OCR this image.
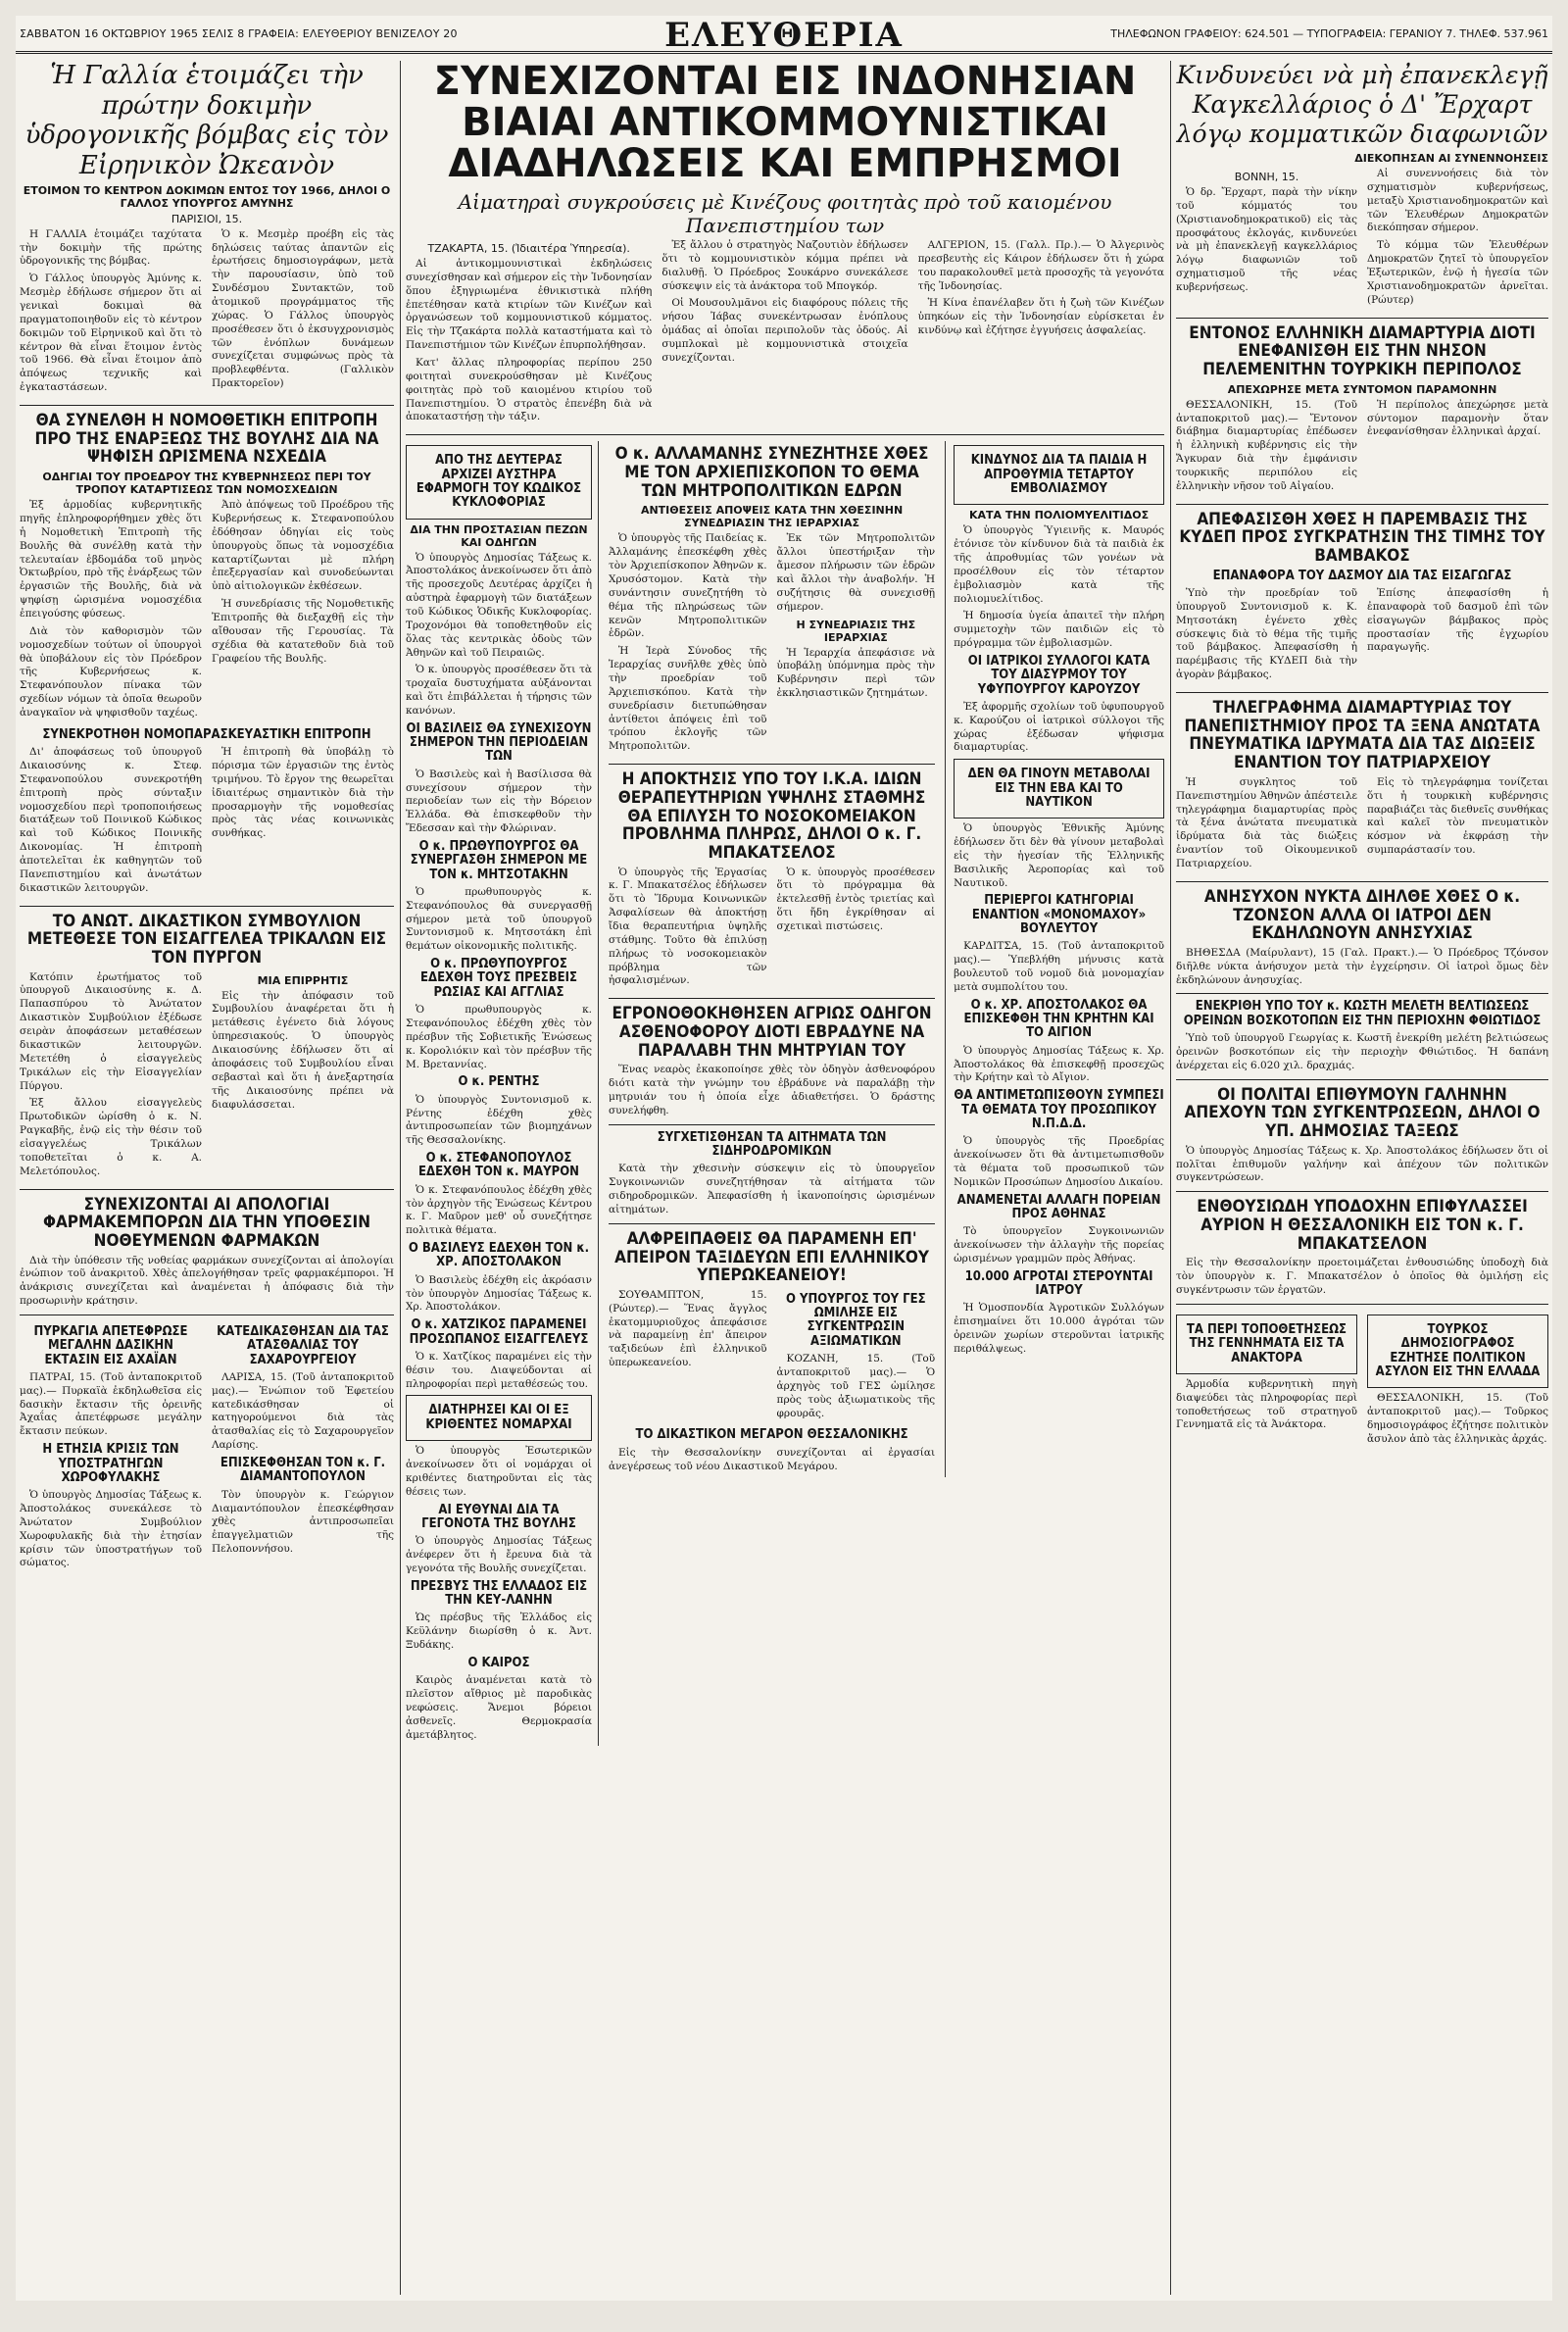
ΣΑΒΒΑΤΟΝ 16 ΟΚΤΩΒΡΙΟΥ 1965 ΣΕΛΙΣ 8 ΓΡΑΦΕΙΑ: ΕΛΕΥΘΕΡΙΟΥ ΒΕΝΙΖΕΛΟΥ 20	ΕΛΕΥΘΕΡΙΑ	ΤΗΛΕΦΩΝΟΝ ΓΡΑΦΕΙΟΥ: 624.501 — ΤΥΠΟΓΡΑΦΕΙΑ: ΓΕΡΑΝΙΟΥ 7. ΤΗΛΕΦ. 537.961
Ἡ Γαλλία ἑτοιμάζει τὴν πρώτην δοκιμὴν ὑδρογονικῆς βόμβας εἰς τὸν Εἰρηνικὸν Ὠκεανὸν
ΕΤΟΙΜΟΝ ΤΟ ΚΕΝΤΡΟΝ ΔΟΚΙΜΩΝ ΕΝΤΟΣ ΤΟΥ 1966, ΔΗΛΟΙ Ο ΓΑΛΛΟΣ ΥΠΟΥΡΓΟΣ ΑΜΥΝΗΣ
ΠΑΡΙΣΙΟΙ, 15.

Η ΓΑΛΛΙΑ ἑτοιμάζει ταχύτατα τὴν δοκιμὴν τῆς πρώτης ὑδρογονικῆς της βόμβας.

Ὁ Γάλλος ὑπουργὸς Ἀμύνης κ. Μεσμὲρ ἐδήλωσε σήμερον ὅτι αἱ γενικαὶ δοκιμαὶ θὰ πραγματοποιηθοῦν εἰς τὸ κέντρον δοκιμῶν τοῦ Εἰρηνικοῦ καὶ ὅτι τὸ κέντρον θὰ εἶναι ἕτοιμον ἐντὸς τοῦ 1966. Θὰ εἶναι ἕτοιμον ἀπὸ ἀπόψεως τεχνικῆς καὶ ἐγκαταστάσεων.

Ὁ κ. Μεσμὲρ προέβη εἰς τὰς δηλώσεις ταύτας ἀπαντῶν εἰς ἐρωτήσεις δημοσιογράφων, μετὰ τὴν παρουσίασιν, ὑπὸ τοῦ Συνδέσμου Συντακτῶν, τοῦ ἀτομικοῦ προγράμματος τῆς χώρας. Ὁ Γάλλος ὑπουργὸς προσέθεσεν ὅτι ὁ ἐκσυγχρονισμὸς τῶν ἐνόπλων δυνάμεων συνεχίζεται συμφώνως πρὸς τὰ προβλεφθέντα. (Γαλλικὸν Πρακτορεῖον)

ΘΑ ΣΥΝΕΛΘΗ Η ΝΟΜΟΘΕΤΙΚΗ ΕΠΙΤΡΟΠΗ ΠΡΟ ΤΗΣ ΕΝΑΡΞΕΩΣ ΤΗΣ ΒΟΥΛΗΣ ΔΙΑ ΝΑ ΨΗΦΙΣΗ ΩΡΙΣΜΕΝΑ ΝΣΧΕΔΙΑ
ΟΔΗΓΙΑΙ ΤΟΥ ΠΡΟΕΔΡΟΥ ΤΗΣ ΚΥΒΕΡΝΗΣΕΩΣ ΠΕΡΙ ΤΟΥ ΤΡΟΠΟΥ ΚΑΤΑΡΤΙΣΕΩΣ ΤΩΝ ΝΟΜΟΣΧΕΔΙΩΝ

Ἐξ ἁρμοδίας κυβερνητικῆς πηγῆς ἐπληροφορήθημεν χθὲς ὅτι ἡ Νομοθετικὴ Ἐπιτροπὴ τῆς Βουλῆς θὰ συνέλθῃ κατὰ τὴν τελευταίαν ἑβδομάδα τοῦ μηνὸς Ὀκτωβρίου, πρὸ τῆς ἐνάρξεως τῶν ἐργασιῶν τῆς Βουλῆς, διὰ νὰ ψηφίσῃ ὡρισμένα νομοσχέδια ἐπειγούσης φύσεως.

Διὰ τὸν καθορισμὸν τῶν νομοσχεδίων τούτων οἱ ὑπουργοὶ θὰ ὑποβάλουν εἰς τὸν Πρόεδρον τῆς Κυβερνήσεως κ. Στεφανόπουλον πίνακα τῶν σχεδίων νόμων τὰ ὁποῖα θεωροῦν ἀναγκαῖον νὰ ψηφισθοῦν ταχέως.

Ἀπὸ ἀπόψεως τοῦ Προέδρου τῆς Κυβερνήσεως κ. Στεφανοπούλου ἐδόθησαν ὁδηγίαι εἰς τοὺς ὑπουργοὺς ὅπως τὰ νομοσχέδια καταρτίζωνται μὲ πλήρη ἐπεξεργασίαν καὶ συνοδεύωνται ὑπὸ αἰτιολογικῶν ἐκθέσεων.

Ἡ συνεδρίασις τῆς Νομοθετικῆς Ἐπιτροπῆς θὰ διεξαχθῇ εἰς τὴν αἴθουσαν τῆς Γερουσίας. Τὰ σχέδια θὰ κατατεθοῦν διὰ τοῦ Γραφείου τῆς Βουλῆς.

ΣΥΝΕΚΡΟΤΗΘΗ ΝΟΜΟΠΑΡΑΣΚΕΥΑΣΤΙΚΗ ΕΠΙΤΡΟΠΗ

Δι' ἀποφάσεως τοῦ ὑπουργοῦ Δικαιοσύνης κ. Στεφ. Στεφανοπούλου συνεκροτήθη ἐπιτροπὴ πρὸς σύνταξιν νομοσχεδίου περὶ τροποποιήσεως διατάξεων τοῦ Ποινικοῦ Κώδικος καὶ τοῦ Κώδικος Ποινικῆς Δικονομίας. Ἡ ἐπιτροπὴ ἀποτελεῖται ἐκ καθηγητῶν τοῦ Πανεπιστημίου καὶ ἀνωτάτων δικαστικῶν λειτουργῶν.

Ἡ ἐπιτροπὴ θὰ ὑποβάλῃ τὸ πόρισμα τῶν ἐργασιῶν της ἐντὸς τριμήνου. Τὸ ἔργον της θεωρεῖται ἰδιαιτέρως σημαντικὸν διὰ τὴν προσαρμογὴν τῆς νομοθεσίας πρὸς τὰς νέας κοινωνικὰς συνθήκας.

ΤΟ ΑΝΩΤ. ΔΙΚΑΣΤΙΚΟΝ ΣΥΜΒΟΥΛΙΟΝ ΜΕΤΕΘΕΣΕ ΤΟΝ ΕΙΣΑΓΓΕΛΕΑ ΤΡΙΚΑΛΩΝ ΕΙΣ ΤΟΝ ΠΥΡΓΟΝ

Κατόπιν ἐρωτήματος τοῦ ὑπουργοῦ Δικαιοσύνης κ. Δ. Παπασπύρου τὸ Ἀνώτατον Δικαστικὸν Συμβούλιον ἐξέδωσε σειρὰν ἀποφάσεων μεταθέσεων δικαστικῶν λειτουργῶν. Μετετέθη ὁ εἰσαγγελεὺς Τρικάλων εἰς τὴν Εἰσαγγελίαν Πύργου.

Ἐξ ἄλλου εἰσαγγελεὺς Πρωτοδικῶν ὡρίσθη ὁ κ. Ν. Ραγκαβῆς, ἐνῷ εἰς τὴν θέσιν τοῦ εἰσαγγελέως Τρικάλων τοποθετεῖται ὁ κ. Α. Μελετόπουλος.

ΜΙΑ ΕΠΙΡΡΗΤΙΣ

Εἰς τὴν ἀπόφασιν τοῦ Συμβουλίου ἀναφέρεται ὅτι ἡ μετάθεσις ἐγένετο διὰ λόγους ὑπηρεσιακούς. Ὁ ὑπουργὸς Δικαιοσύνης ἐδήλωσεν ὅτι αἱ ἀποφάσεις τοῦ Συμβουλίου εἶναι σεβασταὶ καὶ ὅτι ἡ ἀνεξαρτησία τῆς Δικαιοσύνης πρέπει νὰ διαφυλάσσεται.

ΣΥΝΕΧΙΖΟΝΤΑΙ ΑΙ ΑΠΟΛΟΓΙΑΙ ΦΑΡΜΑΚΕΜΠΟΡΩΝ ΔΙΑ ΤΗΝ ΥΠΟΘΕΣΙΝ ΝΟΘΕΥΜΕΝΩΝ ΦΑΡΜΑΚΩΝ

Διὰ τὴν ὑπόθεσιν τῆς νοθείας φαρμάκων συνεχίζονται αἱ ἀπολογίαι ἐνώπιον τοῦ ἀνακριτοῦ. Χθὲς ἀπελογήθησαν τρεῖς φαρμακέμποροι. Ἡ ἀνάκρισις συνεχίζεται καὶ ἀναμένεται ἡ ἀπόφασις διὰ τὴν προσωρινὴν κράτησιν.

ΠΥΡΚΑΓΙΑ ΑΠΕΤΕΦΡΩΣΕ ΜΕΓΑΛΗΝ ΔΑΣΙΚΗΝ ΕΚΤΑΣΙΝ ΕΙΣ ΑΧΑΪΑΝ

ΠΑΤΡΑΙ, 15. (Τοῦ ἀνταποκριτοῦ μας).— Πυρκαϊὰ ἐκδηλωθεῖσα εἰς δασικὴν ἔκτασιν τῆς ὀρεινῆς Ἀχαΐας ἀπετέφρωσε μεγάλην ἔκτασιν πεύκων.

Η ΕΤΗΣΙΑ ΚΡΙΣΙΣ ΤΩΝ ΥΠΟΣΤΡΑΤΗΓΩΝ ΧΩΡΟΦΥΛΑΚΗΣ

Ὁ ὑπουργὸς Δημοσίας Τάξεως κ. Ἀποστολάκος συνεκάλεσε τὸ Ἀνώτατον Συμβούλιον Χωροφυλακῆς διὰ τὴν ἐτησίαν κρίσιν τῶν ὑποστρατήγων τοῦ σώματος.

ΚΑΤΕΔΙΚΑΣΘΗΣΑΝ ΔΙΑ ΤΑΣ ΑΤΑΣΘΑΛΙΑΣ ΤΟΥ ΣΑΧΑΡΟΥΡΓΕΙΟΥ

ΛΑΡΙΣΑ, 15. (Τοῦ ἀνταποκριτοῦ μας).— Ἐνώπιον τοῦ Ἐφετείου κατεδικάσθησαν οἱ κατηγορούμενοι διὰ τὰς ἀτασθαλίας εἰς τὸ Σαχαρουργεῖον Λαρίσης.

ΕΠΙΣΚΕΦΘΗΣΑΝ ΤΟΝ κ. Γ. ΔΙΑΜΑΝΤΟΠΟΥΛΟΝ

Τὸν ὑπουργὸν κ. Γεώργιον Διαμαντόπουλον ἐπεσκέφθησαν χθὲς ἀντιπροσωπεῖαι ἐπαγγελματιῶν τῆς Πελοποννήσου.

ΣΥΝΕΧΙΖΟΝΤΑΙ ΕΙΣ ΙΝΔΟΝΗΣΙΑΝ ΒΙΑΙΑΙ ΑΝΤΙΚΟΜΜΟΥΝΙΣΤΙΚΑΙ ΔΙΑΔΗΛΩΣΕΙΣ ΚΑΙ ΕΜΠΡΗΣΜΟΙ
Αἱματηραὶ συγκρούσεις μὲ Κινέζους φοιτητὰς πρὸ τοῦ καιομένου Πανεπιστημίου των
ΤΖΑΚΑΡΤΑ, 15. (Ἰδιαιτέρα Ὑπηρεσία).

Αἱ ἀντικομμουνιστικαὶ ἐκδηλώσεις συνεχίσθησαν καὶ σήμερον εἰς τὴν Ἰνδονησίαν ὅπου ἐξηγριωμένα ἐθνικιστικὰ πλήθη ἐπετέθησαν κατὰ κτιρίων τῶν Κινέζων καὶ ὀργανώσεων τοῦ κομμουνιστικοῦ κόμματος. Εἰς τὴν Τζακάρτα πολλὰ καταστήματα καὶ τὸ Πανεπιστήμιον τῶν Κινέζων ἐπυρπολήθησαν.

Κατ' ἄλλας πληροφορίας περίπου 250 φοιτηταὶ συνεκρούσθησαν μὲ Κινέζους φοιτητὰς πρὸ τοῦ καιομένου κτιρίου τοῦ Πανεπιστημίου. Ὁ στρατὸς ἐπενέβη διὰ νὰ ἀποκαταστήσῃ τὴν τάξιν.

Ἐξ ἄλλου ὁ στρατηγὸς Ναζουτιὸν ἐδήλωσεν ὅτι τὸ κομμουνιστικὸν κόμμα πρέπει νὰ διαλυθῇ. Ὁ Πρόεδρος Σουκάρνο συνεκάλεσε σύσκεψιν εἰς τὰ ἀνάκτορα τοῦ Μπογκόρ.

Οἱ Μουσουλμᾶνοι εἰς διαφόρους πόλεις τῆς νήσου Ἰάβας συνεκέντρωσαν ἐνόπλους ὁμάδας αἱ ὁποῖαι περιπολοῦν τὰς ὁδούς. Αἱ συμπλοκαὶ μὲ κομμουνιστικὰ στοιχεῖα συνεχίζονται.

ΑΛΓΕΡΙΟΝ, 15. (Γαλλ. Πρ.).— Ὁ Ἀλγερινὸς πρεσβευτὴς εἰς Κάιρον ἐδήλωσεν ὅτι ἡ χώρα του παρακολουθεῖ μετὰ προσοχῆς τὰ γεγονότα τῆς Ἰνδονησίας.

Ἡ Κίνα ἐπανέλαβεν ὅτι ἡ ζωὴ τῶν Κινέζων ὑπηκόων εἰς τὴν Ἰνδονησίαν εὑρίσκεται ἐν κινδύνῳ καὶ ἐζήτησε ἐγγυήσεις ἀσφαλείας.

ΑΠΟ ΤΗΣ ΔΕΥΤΕΡΑΣ ΑΡΧΙΖΕΙ ΑΥΣΤΗΡΑ ΕΦΑΡΜΟΓΗ ΤΟΥ ΚΩΔΙΚΟΣ ΚΥΚΛΟΦΟΡΙΑΣ
ΔΙΑ ΤΗΝ ΠΡΟΣΤΑΣΙΑΝ ΠΕΖΩΝ ΚΑΙ ΟΔΗΓΩΝ

Ὁ ὑπουργὸς Δημοσίας Τάξεως κ. Ἀποστολάκος ἀνεκοίνωσεν ὅτι ἀπὸ τῆς προσεχοῦς Δευτέρας ἀρχίζει ἡ αὐστηρὰ ἐφαρμογὴ τῶν διατάξεων τοῦ Κώδικος Ὁδικῆς Κυκλοφορίας. Τροχονόμοι θὰ τοποθετηθοῦν εἰς ὅλας τὰς κεντρικὰς ὁδοὺς τῶν Ἀθηνῶν καὶ τοῦ Πειραιῶς.

Ὁ κ. ὑπουργὸς προσέθεσεν ὅτι τὰ τροχαῖα δυστυχήματα αὐξάνονται καὶ ὅτι ἐπιβάλλεται ἡ τήρησις τῶν κανόνων.

ΟΙ ΒΑΣΙΛΕΙΣ ΘΑ ΣΥΝΕΧΙΣΟΥΝ ΣΗΜΕΡΟΝ ΤΗΝ ΠΕΡΙΟΔΕΙΑΝ ΤΩΝ

Ὁ Βασιλεὺς καὶ ἡ Βασίλισσα θὰ συνεχίσουν σήμερον τὴν περιοδείαν των εἰς τὴν Βόρειον Ἑλλάδα. Θὰ ἐπισκεφθοῦν τὴν Ἔδεσσαν καὶ τὴν Φλώριναν.

Ο κ. ΠΡΩΘΥΠΟΥΡΓΟΣ ΘΑ ΣΥΝΕΡΓΑΣΘΗ ΣΗΜΕΡΟΝ ΜΕ ΤΟΝ κ. ΜΗΤΣΟΤΑΚΗΝ

Ὁ πρωθυπουργὸς κ. Στεφανόπουλος θὰ συνεργασθῇ σήμερον μετὰ τοῦ ὑπουργοῦ Συντονισμοῦ κ. Μητσοτάκη ἐπὶ θεμάτων οἰκονομικῆς πολιτικῆς.

Ο κ. ΠΡΩΘΥΠΟΥΡΓΟΣ ΕΔΕΧΘΗ ΤΟΥΣ ΠΡΕΣΒΕΙΣ ΡΩΣΙΑΣ ΚΑΙ ΑΓΓΛΙΑΣ

Ὁ πρωθυπουργὸς κ. Στεφανόπουλος ἐδέχθη χθὲς τὸν πρέσβυν τῆς Σοβιετικῆς Ἑνώσεως κ. Κορολιόκιν καὶ τὸν πρέσβυν τῆς Μ. Βρεταννίας.

Ο κ. ΡΕΝΤΗΣ

Ὁ ὑπουργὸς Συντονισμοῦ κ. Ρέντης ἐδέχθη χθὲς ἀντιπροσωπείαν τῶν βιομηχάνων τῆς Θεσσαλονίκης.

Ο κ. ΣΤΕΦΑΝΟΠΟΥΛΟΣ ΕΔΕΧΘΗ ΤΟΝ κ. ΜΑΥΡΟΝ

Ὁ κ. Στεφανόπουλος ἐδέχθη χθὲς τὸν ἀρχηγὸν τῆς Ἑνώσεως Κέντρου κ. Γ. Μαῦρον μεθ' οὗ συνεζήτησε πολιτικὰ θέματα.

Ο ΒΑΣΙΛΕΥΣ ΕΔΕΧΘΗ ΤΟΝ κ. ΧΡ. ΑΠΟΣΤΟΛΑΚΟΝ

Ὁ Βασιλεὺς ἐδέχθη εἰς ἀκρόασιν τὸν ὑπουργὸν Δημοσίας Τάξεως κ. Χρ. Ἀποστολάκον.

Ο κ. ΧΑΤΖΙΚΟΣ ΠΑΡΑΜΕΝΕΙ ΠΡΟΣΩΠΑΝΟΣ ΕΙΣΑΓΓΕΛΕΥΣ

Ὁ κ. Χατζίκος παραμένει εἰς τὴν θέσιν του. Διαψεύδονται αἱ πληροφορίαι περὶ μεταθέσεώς του.

ΔΙΑΤΗΡΗΣΕΙ ΚΑΙ ΟΙ ΕΞ ΚΡΙΘΕΝΤΕΣ ΝΟΜΑΡΧΑΙ

Ὁ ὑπουργὸς Ἐσωτερικῶν ἀνεκοίνωσεν ὅτι οἱ νομάρχαι οἱ κριθέντες διατηροῦνται εἰς τὰς θέσεις των.

ΑΙ ΕΥΘΥΝΑΙ ΔΙΑ ΤΑ ΓΕΓΟΝΟΤΑ ΤΗΣ ΒΟΥΛΗΣ

Ὁ ὑπουργὸς Δημοσίας Τάξεως ἀνέφερεν ὅτι ἡ ἔρευνα διὰ τὰ γεγονότα τῆς Βουλῆς συνεχίζεται.

ΠΡΕΣΒΥΣ ΤΗΣ ΕΛΛΑΔΟΣ ΕΙΣ ΤΗΝ ΚΕΥ-ΛΑΝΗΝ

Ὡς πρέσβυς τῆς Ἑλλάδος εἰς Κεϋλάνην διωρίσθη ὁ κ. Ἀντ. Ξυδάκης.

Ο ΚΑΙΡΟΣ

Καιρὸς ἀναμένεται κατὰ τὸ πλεῖστον αἴθριος μὲ παροδικὰς νεφώσεις. Ἄνεμοι βόρειοι ἀσθενεῖς. Θερμοκρασία ἀμετάβλητος.

Ο κ. ΑΛΛΑΜΑΝΗΣ ΣΥΝΕΖΗΤΗΣΕ ΧΘΕΣ ΜΕ ΤΟΝ ΑΡΧΙΕΠΙΣΚΟΠΟΝ ΤΟ ΘΕΜΑ ΤΩΝ ΜΗΤΡΟΠΟΛΙΤΙΚΩΝ ΕΔΡΩΝ
ΑΝΤΙΘΕΣΕΙΣ ΑΠΟΨΕΙΣ ΚΑΤΑ ΤΗΝ ΧΘΕΣΙΝΗΝ ΣΥΝΕΔΡΙΑΣΙΝ ΤΗΣ ΙΕΡΑΡΧΙΑΣ

Ὁ ὑπουργὸς τῆς Παιδείας κ. Ἀλλαμάνης ἐπεσκέφθη χθὲς τὸν Ἀρχιεπίσκοπον Ἀθηνῶν κ. Χρυσόστομον. Κατὰ τὴν συνάντησιν συνεζητήθη τὸ θέμα τῆς πληρώσεως τῶν κενῶν Μητροπολιτικῶν ἑδρῶν.

Ἡ Ἱερὰ Σύνοδος τῆς Ἱεραρχίας συνῆλθε χθὲς ὑπὸ τὴν προεδρίαν τοῦ Ἀρχιεπισκόπου. Κατὰ τὴν συνεδρίασιν διετυπώθησαν ἀντίθετοι ἀπόψεις ἐπὶ τοῦ τρόπου ἐκλογῆς τῶν Μητροπολιτῶν.

Ἐκ τῶν Μητροπολιτῶν ἄλλοι ὑπεστήριξαν τὴν ἄμεσον πλήρωσιν τῶν ἑδρῶν καὶ ἄλλοι τὴν ἀναβολήν. Ἡ συζήτησις θὰ συνεχισθῇ σήμερον.

Η ΣΥΝΕΔΡΙΑΣΙΣ ΤΗΣ ΙΕΡΑΡΧΙΑΣ

Ἡ Ἱεραρχία ἀπεφάσισε νὰ ὑποβάλῃ ὑπόμνημα πρὸς τὴν Κυβέρνησιν περὶ τῶν ἐκκλησιαστικῶν ζητημάτων.

Η ΑΠΟΚΤΗΣΙΣ ΥΠΟ ΤΟΥ Ι.Κ.Α. ΙΔΙΩΝ ΘΕΡΑΠΕΥΤΗΡΙΩΝ ΥΨΗΛΗΣ ΣΤΑΘΜΗΣ ΘΑ ΕΠΙΛΥΣΗ ΤΟ ΝΟΣΟΚΟΜΕΙΑΚΟΝ ΠΡΟΒΛΗΜΑ ΠΛΗΡΩΣ, ΔΗΛΟΙ Ο κ. Γ. ΜΠΑΚΑΤΣΕΛΟΣ

Ὁ ὑπουργὸς τῆς Ἐργασίας κ. Γ. Μπακατσέλος ἐδήλωσεν ὅτι τὸ Ἵδρυμα Κοινωνικῶν Ἀσφαλίσεων θὰ ἀποκτήσῃ ἴδια θεραπευτήρια ὑψηλῆς στάθμης. Τοῦτο θὰ ἐπιλύσῃ πλήρως τὸ νοσοκομειακὸν πρόβλημα τῶν ἠσφαλισμένων.

Ὁ κ. ὑπουργὸς προσέθεσεν ὅτι τὸ πρόγραμμα θὰ ἐκτελεσθῇ ἐντὸς τριετίας καὶ ὅτι ἤδη ἐγκρίθησαν αἱ σχετικαὶ πιστώσεις.

ΕΓΡΟΝΟΘΟΚΗΘΗΣΕΝ ΑΓΡΙΩΣ ΟΔΗΓΟΝ ΑΣΘΕΝΟΦΟΡΟΥ ΔΙΟΤΙ ΕΒΡΑΔΥΝΕ ΝΑ ΠΑΡΑΛΑΒΗ ΤΗΝ ΜΗΤΡΥΙΑΝ ΤΟΥ

Ἕνας νεαρὸς ἐκακοποίησε χθὲς τὸν ὁδηγὸν ἀσθενοφόρου διότι κατὰ τὴν γνώμην του ἐβράδυνε νὰ παραλάβῃ τὴν μητρυιάν του ἡ ὁποία εἶχε ἀδιαθετήσει. Ὁ δράστης συνελήφθη.

ΣΥΓΧΕΤΙΣΘΗΣΑΝ ΤΑ ΑΙΤΗΜΑΤΑ ΤΩΝ ΣΙΔΗΡΟΔΡΟΜΙΚΩΝ

Κατὰ τὴν χθεσινὴν σύσκεψιν εἰς τὸ ὑπουργεῖον Συγκοινωνιῶν συνεζητήθησαν τὰ αἰτήματα τῶν σιδηροδρομικῶν. Ἀπεφασίσθη ἡ ἱκανοποίησις ὡρισμένων αἰτημάτων.

ΑΛΦΡΕΙΠΑΘΕΙΣ ΘΑ ΠΑΡΑΜΕΝΗ ΕΠ' ΑΠΕΙΡΟΝ ΤΑΞΙΔΕΥΩΝ ΕΠΙ ΕΛΛΗΝΙΚΟΥ ΥΠΕΡΩΚΕΑΝΕΙΟΥ!

ΣΟΥΘΑΜΠΤΟΝ, 15. (Ρώυτερ).— Ἕνας ἄγγλος ἐκατομμυριοῦχος ἀπεφάσισε νὰ παραμείνῃ ἐπ' ἄπειρον ταξιδεύων ἐπὶ ἑλληνικοῦ ὑπερωκεανείου.

Ο ΥΠΟΥΡΓΟΣ ΤΟΥ ΓΕΣ ΩΜΙΛΗΣΕ ΕΙΣ ΣΥΓΚΕΝΤΡΩΣΙΝ ΑΞΙΩΜΑΤΙΚΩΝ

ΚΟΖΑΝΗ, 15. (Τοῦ ἀνταποκριτοῦ μας).— Ὁ ἀρχηγὸς τοῦ ΓΕΣ ὡμίλησε πρὸς τοὺς ἀξιωματικοὺς τῆς φρουρᾶς.

ΤΟ ΔΙΚΑΣΤΙΚΟΝ ΜΕΓΑΡΟΝ ΘΕΣΣΑΛΟΝΙΚΗΣ

Εἰς τὴν Θεσσαλονίκην συνεχίζονται αἱ ἐργασίαι ἀνεγέρσεως τοῦ νέου Δικαστικοῦ Μεγάρου.

ΚΙΝΔΥΝΟΣ ΔΙΑ ΤΑ ΠΑΙΔΙΑ Η ΑΠΡΟΘΥΜΙΑ ΤΕΤΑΡΤΟΥ ΕΜΒΟΛΙΑΣΜΟΥ
ΚΑΤΑ ΤΗΝ ΠΟΛΙΟΜΥΕΛΙΤΙΔΟΣ

Ὁ ὑπουργὸς Ὑγιεινῆς κ. Μαυρός ἐτόνισε τὸν κίνδυνον διὰ τὰ παιδιὰ ἐκ τῆς ἀπροθυμίας τῶν γονέων νὰ προσέλθουν εἰς τὸν τέταρτον ἐμβολιασμὸν κατὰ τῆς πολιομυελίτιδος.

Ἡ δημοσία ὑγεία ἀπαιτεῖ τὴν πλήρη συμμετοχὴν τῶν παιδιῶν εἰς τὸ πρόγραμμα τῶν ἐμβολιασμῶν.

ΟΙ ΙΑΤΡΙΚΟΙ ΣΥΛΛΟΓΟΙ ΚΑΤΑ ΤΟΥ ΔΙΑΣΥΡΜΟΥ ΤΟΥ ΥΦΥΠΟΥΡΓΟΥ ΚΑΡΟΥΖΟΥ

Ἐξ ἀφορμῆς σχολίων τοῦ ὑφυπουργοῦ κ. Καρούζου οἱ ἰατρικοὶ σύλλογοι τῆς χώρας ἐξέδωσαν ψήφισμα διαμαρτυρίας.

ΔΕΝ ΘΑ ΓΙΝΟΥΝ ΜΕΤΑΒΟΛΑΙ ΕΙΣ ΤΗΝ ΕΒΑ ΚΑΙ ΤΟ ΝΑΥΤΙΚΟΝ

Ὁ ὑπουργὸς Ἐθνικῆς Ἀμύνης ἐδήλωσεν ὅτι δὲν θὰ γίνουν μεταβολαὶ εἰς τὴν ἡγεσίαν τῆς Ἑλληνικῆς Βασιλικῆς Ἀεροπορίας καὶ τοῦ Ναυτικοῦ.

ΠΕΡΙΕΡΓΟΙ ΚΑΤΗΓΟΡΙΑΙ ΕΝΑΝΤΙΟΝ «ΜΟΝΟΜΑΧΟΥ» ΒΟΥΛΕΥΤΟΥ

ΚΑΡΔΙΤΣΑ, 15. (Τοῦ ἀνταποκριτοῦ μας).— Ὑπεβλήθη μήνυσις κατὰ βουλευτοῦ τοῦ νομοῦ διὰ μονομαχίαν μετὰ συμπολίτου του.

Ο κ. ΧΡ. ΑΠΟΣΤΟΛΑΚΟΣ ΘΑ ΕΠΙΣΚΕΦΘΗ ΤΗΝ ΚΡΗΤΗΝ ΚΑΙ ΤΟ ΑΙΓΙΟΝ

Ὁ ὑπουργὸς Δημοσίας Τάξεως κ. Χρ. Ἀποστολάκος θὰ ἐπισκεφθῇ προσεχῶς τὴν Κρήτην καὶ τὸ Αἴγιον.

ΘΑ ΑΝΤΙΜΕΤΩΠΙΣΘΟΥΝ ΣΥΜΠΕΣΙ ΤΑ ΘΕΜΑΤΑ ΤΟΥ ΠΡΟΣΩΠΙΚΟΥ Ν.Π.Δ.Δ.

Ὁ ὑπουργὸς τῆς Προεδρίας ἀνεκοίνωσεν ὅτι θὰ ἀντιμετωπισθοῦν τὰ θέματα τοῦ προσωπικοῦ τῶν Νομικῶν Προσώπων Δημοσίου Δικαίου.

ΑΝΑΜΕΝΕΤΑΙ ΑΛΛΑΓΗ ΠΟΡΕΙΑΝ ΠΡΟΣ ΑΘΗΝΑΣ

Τὸ ὑπουργεῖον Συγκοινωνιῶν ἀνεκοίνωσεν τὴν ἀλλαγὴν τῆς πορείας ὡρισμένων γραμμῶν πρὸς Ἀθήνας.

10.000 ΑΓΡΟΤΑΙ ΣΤΕΡΟΥΝΤΑΙ ΙΑΤΡΟΥ

Ἡ Ὁμοσπονδία Ἀγροτικῶν Συλλόγων ἐπισημαίνει ὅτι 10.000 ἀγρόται τῶν ὀρεινῶν χωρίων στεροῦνται ἰατρικῆς περιθάλψεως.

Κινδυνεύει νὰ μὴ ἐπανεκλεγῇ Καγκελλάριος ὁ Δ' Ἔρχαρτ λόγῳ κομματικῶν διαφωνιῶν
ΔΙΕΚΟΠΗΣΑΝ ΑΙ ΣΥΝΕΝΝΟΗΣΕΙΣ
ΒΟΝΝΗ, 15.

Ὁ δρ. Ἔρχαρτ, παρὰ τὴν νίκην τοῦ κόμματός του (Χριστιανοδημοκρατικοῦ) εἰς τὰς προσφάτους ἐκλογάς, κινδυνεύει νὰ μὴ ἐπανεκλεγῇ καγκελλάριος λόγῳ διαφωνιῶν τοῦ σχηματισμοῦ τῆς νέας κυβερνήσεως.

Αἱ συνεννοήσεις διὰ τὸν σχηματισμὸν κυβερνήσεως, μεταξὺ Χριστιανοδημοκρατῶν καὶ τῶν Ἐλευθέρων Δημοκρατῶν διεκόπησαν σήμερον.

Τὸ κόμμα τῶν Ἐλευθέρων Δημοκρατῶν ζητεῖ τὸ ὑπουργεῖον Ἐξωτερικῶν, ἐνῷ ἡ ἡγεσία τῶν Χριστιανοδημοκρατῶν ἀρνεῖται. (Ρώυτερ)

ΕΝΤΟΝΟΣ ΕΛΛΗΝΙΚΗ ΔΙΑΜΑΡΤΥΡΙΑ ΔΙΟΤΙ ΕΝΕΦΑΝΙΣΘΗ ΕΙΣ ΤΗΝ ΝΗΣΟΝ ΠΕΛΕΜΕΝΙΤΗΝ ΤΟΥΡΚΙΚΗ ΠΕΡΙΠΟΛΟΣ
ΑΠΕΧΩΡΗΣΕ ΜΕΤΑ ΣΥΝΤΟΜΟΝ ΠΑΡΑΜΟΝΗΝ

ΘΕΣΣΑΛΟΝΙΚΗ, 15. (Τοῦ ἀνταποκριτοῦ μας).— Ἔντονον διάβημα διαμαρτυρίας ἐπέδωσεν ἡ ἑλληνικὴ κυβέρνησις εἰς τὴν Ἄγκυραν διὰ τὴν ἐμφάνισιν τουρκικῆς περιπόλου εἰς ἑλληνικὴν νῆσον τοῦ Αἰγαίου.

Ἡ περίπολος ἀπεχώρησε μετὰ σύντομον παραμονὴν ὅταν ἐνεφανίσθησαν ἑλληνικαὶ ἀρχαί.

ΑΠΕΦΑΣΙΣΘΗ ΧΘΕΣ Η ΠΑΡΕΜΒΑΣΙΣ ΤΗΣ ΚΥΔΕΠ ΠΡΟΣ ΣΥΓΚΡΑΤΗΣΙΝ ΤΗΣ ΤΙΜΗΣ ΤΟΥ ΒΑΜΒΑΚΟΣ
ΕΠΑΝΑΦΟΡΑ ΤΟΥ ΔΑΣΜΟΥ ΔΙΑ ΤΑΣ ΕΙΣΑΓΩΓΑΣ

Ὑπὸ τὴν προεδρίαν τοῦ ὑπουργοῦ Συντονισμοῦ κ. Κ. Μητσοτάκη ἐγένετο χθὲς σύσκεψις διὰ τὸ θέμα τῆς τιμῆς τοῦ βάμβακος. Ἀπεφασίσθη ἡ παρέμβασις τῆς ΚΥΔΕΠ διὰ τὴν ἀγορὰν βάμβακος.

Ἐπίσης ἀπεφασίσθη ἡ ἐπαναφορὰ τοῦ δασμοῦ ἐπὶ τῶν εἰσαγωγῶν βάμβακος πρὸς προστασίαν τῆς ἐγχωρίου παραγωγῆς.

ΤΗΛΕΓΡΑΦΗΜΑ ΔΙΑΜΑΡΤΥΡΙΑΣ ΤΟΥ ΠΑΝΕΠΙΣΤΗΜΙΟΥ ΠΡΟΣ ΤΑ ΞΕΝΑ ΑΝΩΤΑΤΑ ΠΝΕΥΜΑΤΙΚΑ ΙΔΡΥΜΑΤΑ ΔΙΑ ΤΑΣ ΔΙΩΞΕΙΣ ΕΝΑΝΤΙΟΝ ΤΟΥ ΠΑΤΡΙΑΡΧΕΙΟΥ

Ἡ συγκλητος τοῦ Πανεπιστημίου Ἀθηνῶν ἀπέστειλε τηλεγράφημα διαμαρτυρίας πρὸς τὰ ξένα ἀνώτατα πνευματικὰ ἱδρύματα διὰ τὰς διώξεις ἐναντίον τοῦ Οἰκουμενικοῦ Πατριαρχείου.

Εἰς τὸ τηλεγράφημα τονίζεται ὅτι ἡ τουρκικὴ κυβέρνησις παραβιάζει τὰς διεθνεῖς συνθήκας καὶ καλεῖ τὸν πνευματικὸν κόσμον νὰ ἐκφράσῃ τὴν συμπαράστασίν του.

ΑΝΗΣΥΧΟΝ ΝΥΚΤΑ ΔΙΗΛΘΕ ΧΘΕΣ Ο κ. ΤΖΟΝΣΟΝ ΑΛΛΑ ΟΙ ΙΑΤΡΟΙ ΔΕΝ ΕΚΔΗΛΩΝΟΥΝ ΑΝΗΣΥΧΙΑΣ

ΒΗΘΕΣΔΑ (Μαίρυλαντ), 15 (Γαλ. Πρακτ.).— Ὁ Πρόεδρος Τζόνσον διῆλθε νύκτα ἀνήσυχον μετὰ τὴν ἐγχείρησιν. Οἱ ἰατροὶ ὅμως δὲν ἐκδηλώνουν ἀνησυχίας.

ΕΝΕΚΡΙΘΗ ΥΠΟ ΤΟΥ κ. ΚΩΣΤΗ ΜΕΛΕΤΗ ΒΕΛΤΙΩΣΕΩΣ ΟΡΕΙΝΩΝ ΒΟΣΚΟΤΟΠΩΝ ΕΙΣ ΤΗΝ ΠΕΡΙΟΧΗΝ ΦΘΙΩΤΙΔΟΣ

Ὑπὸ τοῦ ὑπουργοῦ Γεωργίας κ. Κωστῆ ἐνεκρίθη μελέτη βελτιώσεως ὀρεινῶν βοσκοτόπων εἰς τὴν περιοχὴν Φθιώτιδος. Ἡ δαπάνη ἀνέρχεται εἰς 6.020 χιλ. δραχμάς.

ΟΙ ΠΟΛΙΤΑΙ ΕΠΙΘΥΜΟΥΝ ΓΑΛΗΝΗΝ ΑΠΕΧΟΥΝ ΤΩΝ ΣΥΓΚΕΝΤΡΩΣΕΩΝ, ΔΗΛΟΙ Ο ΥΠ. ΔΗΜΟΣΙΑΣ ΤΑΞΕΩΣ

Ὁ ὑπουργὸς Δημοσίας Τάξεως κ. Χρ. Ἀποστολάκος ἐδήλωσεν ὅτι οἱ πολῖται ἐπιθυμοῦν γαλήνην καὶ ἀπέχουν τῶν πολιτικῶν συγκεντρώσεων.

ΕΝΘΟΥΣΙΩΔΗ ΥΠΟΔΟΧΗΝ ΕΠΙΦΥΛΑΣΣΕΙ ΑΥΡΙΟΝ Η ΘΕΣΣΑΛΟΝΙΚΗ ΕΙΣ ΤΟΝ κ. Γ. ΜΠΑΚΑΤΣΕΛΟΝ

Εἰς τὴν Θεσσαλονίκην προετοιμάζεται ἐνθουσιώδης ὑποδοχὴ διὰ τὸν ὑπουργὸν κ. Γ. Μπακατσέλον ὁ ὁποῖος θὰ ὁμιλήσῃ εἰς συγκέντρωσιν τῶν ἐργατῶν.

ΤΑ ΠΕΡΙ ΤΟΠΟΘΕΤΗΣΕΩΣ ΤΗΣ ΓΕΝΝΗΜΑΤΑ ΕΙΣ ΤΑ ΑΝΑΚΤΟΡΑ

Ἁρμοδία κυβερνητικὴ πηγὴ διαψεύδει τὰς πληροφορίας περὶ τοποθετήσεως τοῦ στρατηγοῦ Γεννηματᾶ εἰς τὰ Ἀνάκτορα.

ΤΟΥΡΚΟΣ ΔΗΜΟΣΙΟΓΡΑΦΟΣ ΕΖΗΤΗΣΕ ΠΟΛΙΤΙΚΟΝ ΑΣΥΛΟΝ ΕΙΣ ΤΗΝ ΕΛΛΑΔΑ

ΘΕΣΣΑΛΟΝΙΚΗ, 15. (Τοῦ ἀνταποκριτοῦ μας).— Τοῦρκος δημοσιογράφος ἐζήτησε πολιτικὸν ἄσυλον ἀπὸ τὰς ἑλληνικὰς ἀρχάς.
